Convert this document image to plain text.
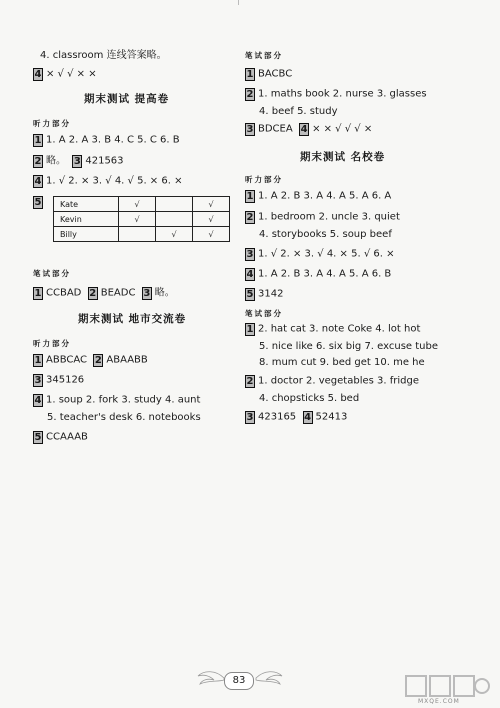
4. classroom 连线答案略。
4 × √ √ × ×
期末测试 提高卷
听力部分
1 1. A 2. A 3. B 4. C 5. C 6. B
2 略。 3 421563
4 1. √ 2. × 3. √ 4. √ 5. × 6. ×
5	Kate	√		√
Kevin	√		√
Billy		√	√
笔试部分
1 CCBAD 2 BEADC 3 略。
期末测试 地市交流卷
听力部分
1 ABBCAC 2 ABAABB
3 345126
4 1. soup 2. fork 3. study 4. aunt
5. teacher's desk 6. notebooks
5 CCAAAB
笔试部分
1 BACBC
2 1. maths book 2. nurse 3. glasses
4. beef 5. study
3 BDCEA 4 × × √ √ √ ×
期末测试 名校卷
听力部分
1 1. A 2. B 3. A 4. A 5. A 6. A
2 1. bedroom 2. uncle 3. quiet
4. storybooks 5. soup beef
3 1. √ 2. × 3. √ 4. × 5. √ 6. ×
4 1. A 2. B 3. A 4. A 5. A 6. B
5 3142
笔试部分
1 2. hat cat 3. note Coke 4. lot hot
5. nice like 6. six big 7. excuse tube
8. mum cut 9. bed get 10. me he
2 1. doctor 2. vegetables 3. fridge
4. chopsticks 5. bed
3 423165 4 52413
83
MXQE.COM
